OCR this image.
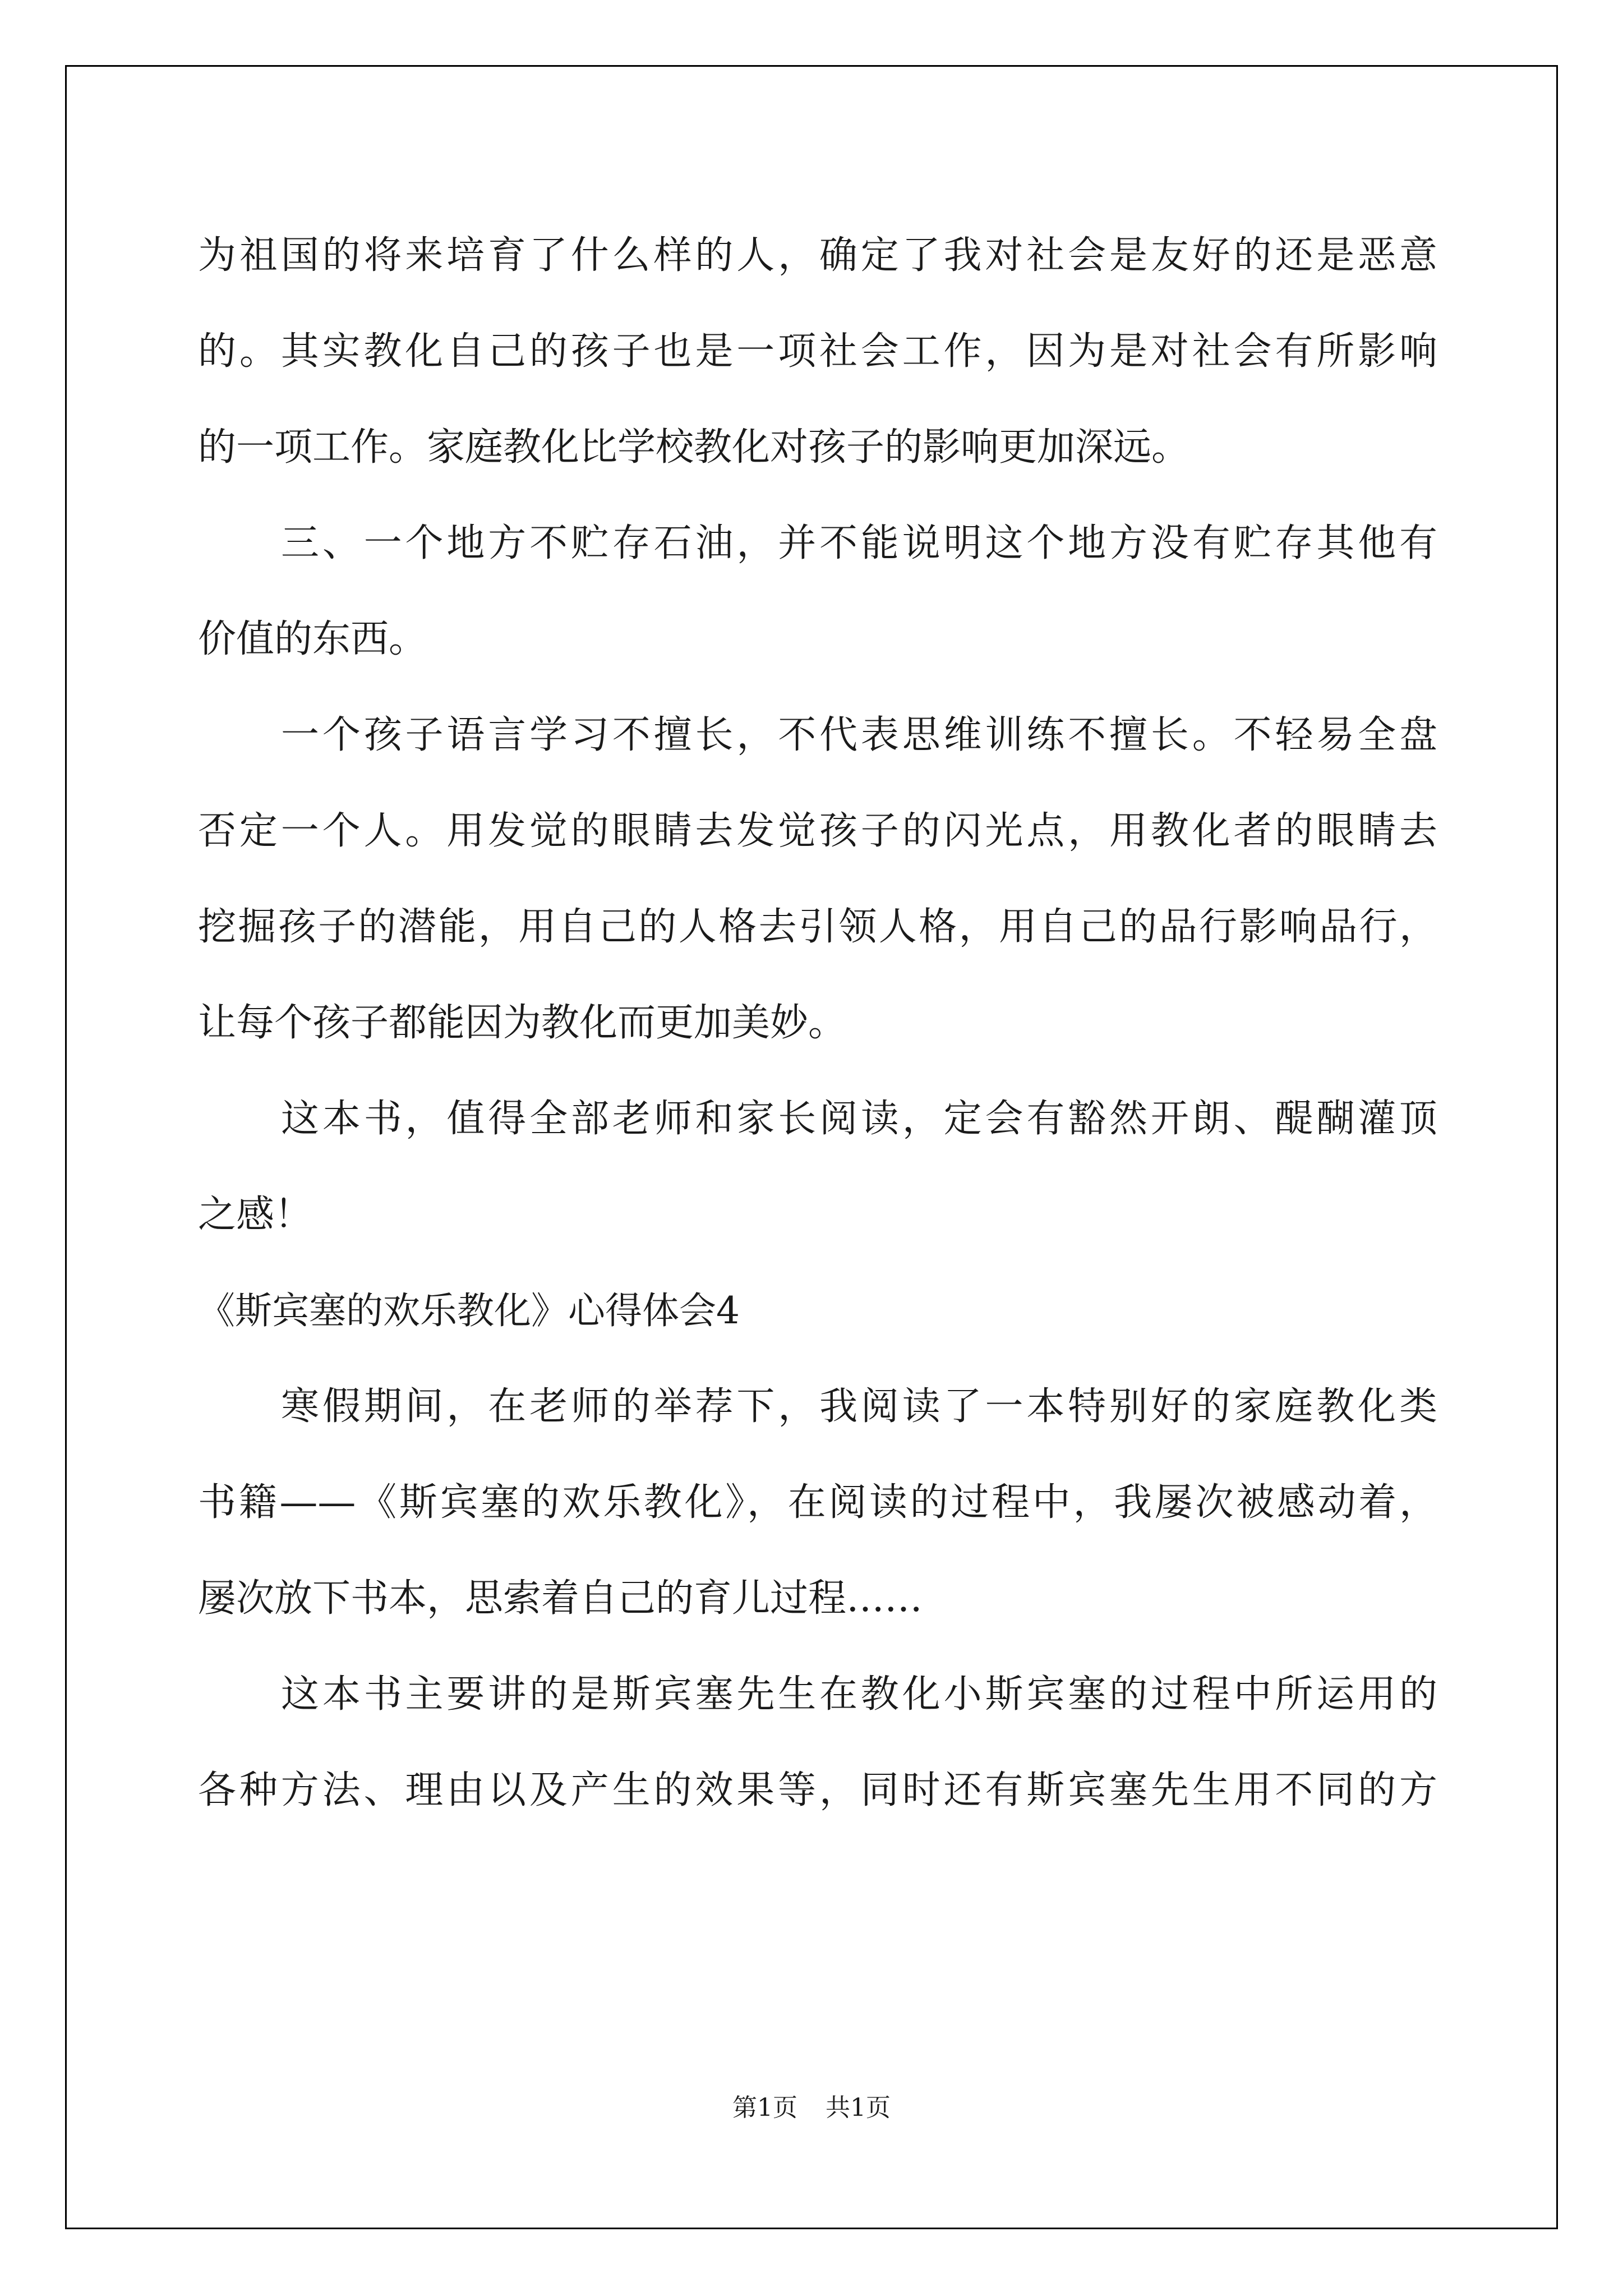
为祖国的将来培育了什么样的人，确定了我对社会是友好的还是恶意
的。其实教化自己的孩子也是一项社会工作，因为是对社会有所影响
的一项工作。家庭教化比学校教化对孩子的影响更加深远。
三、一个地方不贮存石油，并不能说明这个地方没有贮存其他有
价值的东西。
一个孩子语言学习不擅长，不代表思维训练不擅长。不轻易全盘
否定一个人。用发觉的眼睛去发觉孩子的闪光点，用教化者的眼睛去
挖掘孩子的潜能，用自己的人格去引领人格，用自己的品行影响品行，
让每个孩子都能因为教化而更加美妙。
这本书，值得全部老师和家长阅读，定会有豁然开朗、醍醐灌顶
之感！
《斯宾塞的欢乐教化》心得体会4
寒假期间，在老师的举荐下，我阅读了一本特别好的家庭教化类
书籍——《斯宾塞的欢乐教化》，在阅读的过程中，我屡次被感动着，
屡次放下书本，思索着自己的育儿过程……
这本书主要讲的是斯宾塞先生在教化小斯宾塞的过程中所运用的
各种方法、理由以及产生的效果等，同时还有斯宾塞先生用不同的方
第1页 共1页
